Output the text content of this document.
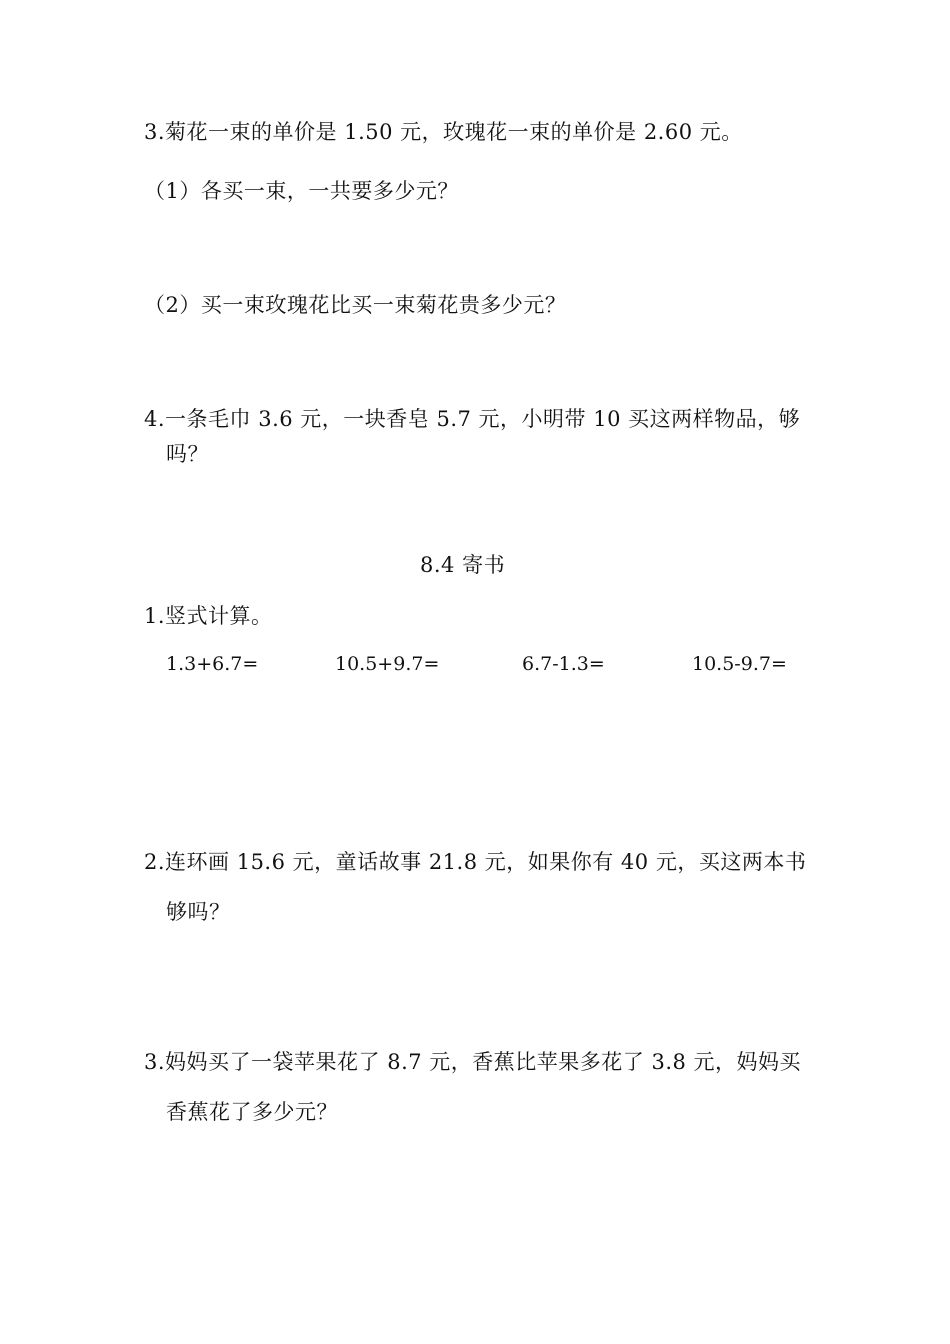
3.菊花一束的单价是 1.50 元，玫瑰花一束的单价是 2.60 元。
（1）各买一束，一共要多少元？
（2）买一束玫瑰花比买一束菊花贵多少元？
4.一条毛巾 3.6 元，一块香皂 5.7 元，小明带 10 买这两样物品，够
吗？
8.4 寄书
1.竖式计算。
1.3+6.7=	10.5+9.7=	6.7-1.3=	10.5-9.7=
2.连环画 15.6 元，童话故事 21.8 元，如果你有 40 元，买这两本书
够吗？
3.妈妈买了一袋苹果花了 8.7 元，香蕉比苹果多花了 3.8 元，妈妈买
香蕉花了多少元？
